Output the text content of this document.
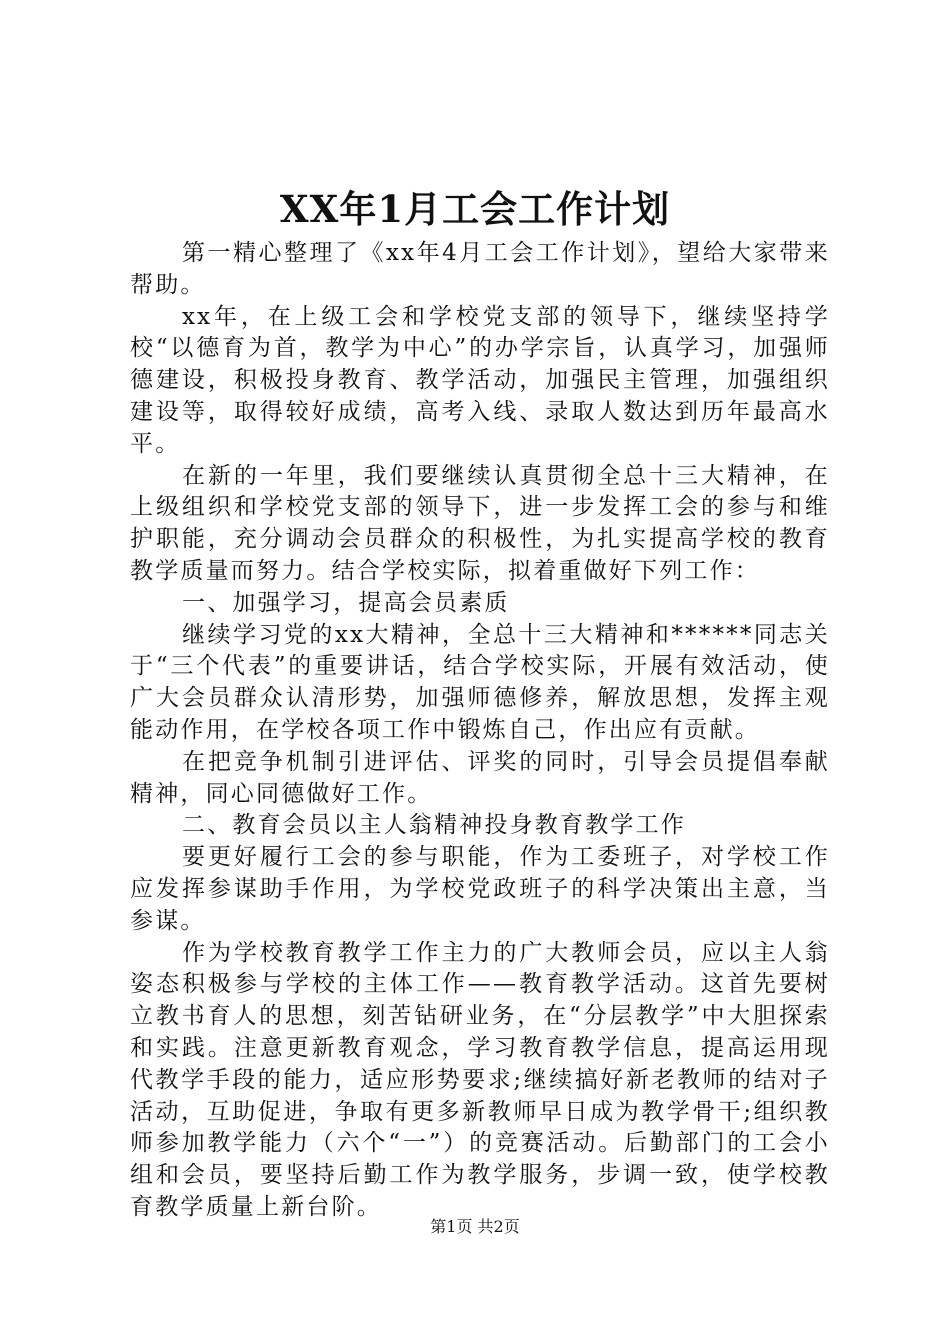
XX年1月工会工作计划

第一精心整理了《xx年4月工会工作计划》，望给大家带来帮助。

xx年，在上级工会和学校党支部的领导下，继续坚持学校“以德育为首，教学为中心”的办学宗旨，认真学习，加强师德建设，积极投身教育、教学活动，加强民主管理，加强组织建设等，取得较好成绩，高考入线、录取人数达到历年最高水平。

在新的一年里，我们要继续认真贯彻全总十三大精神，在上级组织和学校党支部的领导下，进一步发挥工会的参与和维护职能，充分调动会员群众的积极性，为扎实提高学校的教育教学质量而努力。结合学校实际，拟着重做好下列工作：

一、加强学习，提高会员素质

继续学习党的xx大精神，全总十三大精神和******同志关于“三个代表”的重要讲话，结合学校实际，开展有效活动，使广大会员群众认清形势，加强师德修养，解放思想，发挥主观能动作用，在学校各项工作中锻炼自己，作出应有贡献。

在把竞争机制引进评估、评奖的同时，引导会员提倡奉献精神，同心同德做好工作。

二、教育会员以主人翁精神投身教育教学工作

要更好履行工会的参与职能，作为工委班子，对学校工作应发挥参谋助手作用，为学校党政班子的科学决策出主意，当参谋。

作为学校教育教学工作主力的广大教师会员，应以主人翁姿态积极参与学校的主体工作——教育教学活动。这首先要树立教书育人的思想，刻苦钻研业务，在“分层教学”中大胆探索和实践。注意更新教育观念，学习教育教学信息，提高运用现代教学手段的能力，适应形势要求;继续搞好新老教师的结对子活动，互助促进，争取有更多新教师早日成为教学骨干;组织教师参加教学能力（六个“一”）的竞赛活动。后勤部门的工会小组和会员，要坚持后勤工作为教学服务，步调一致，使学校教育教学质量上新台阶。

第1页 共2页
